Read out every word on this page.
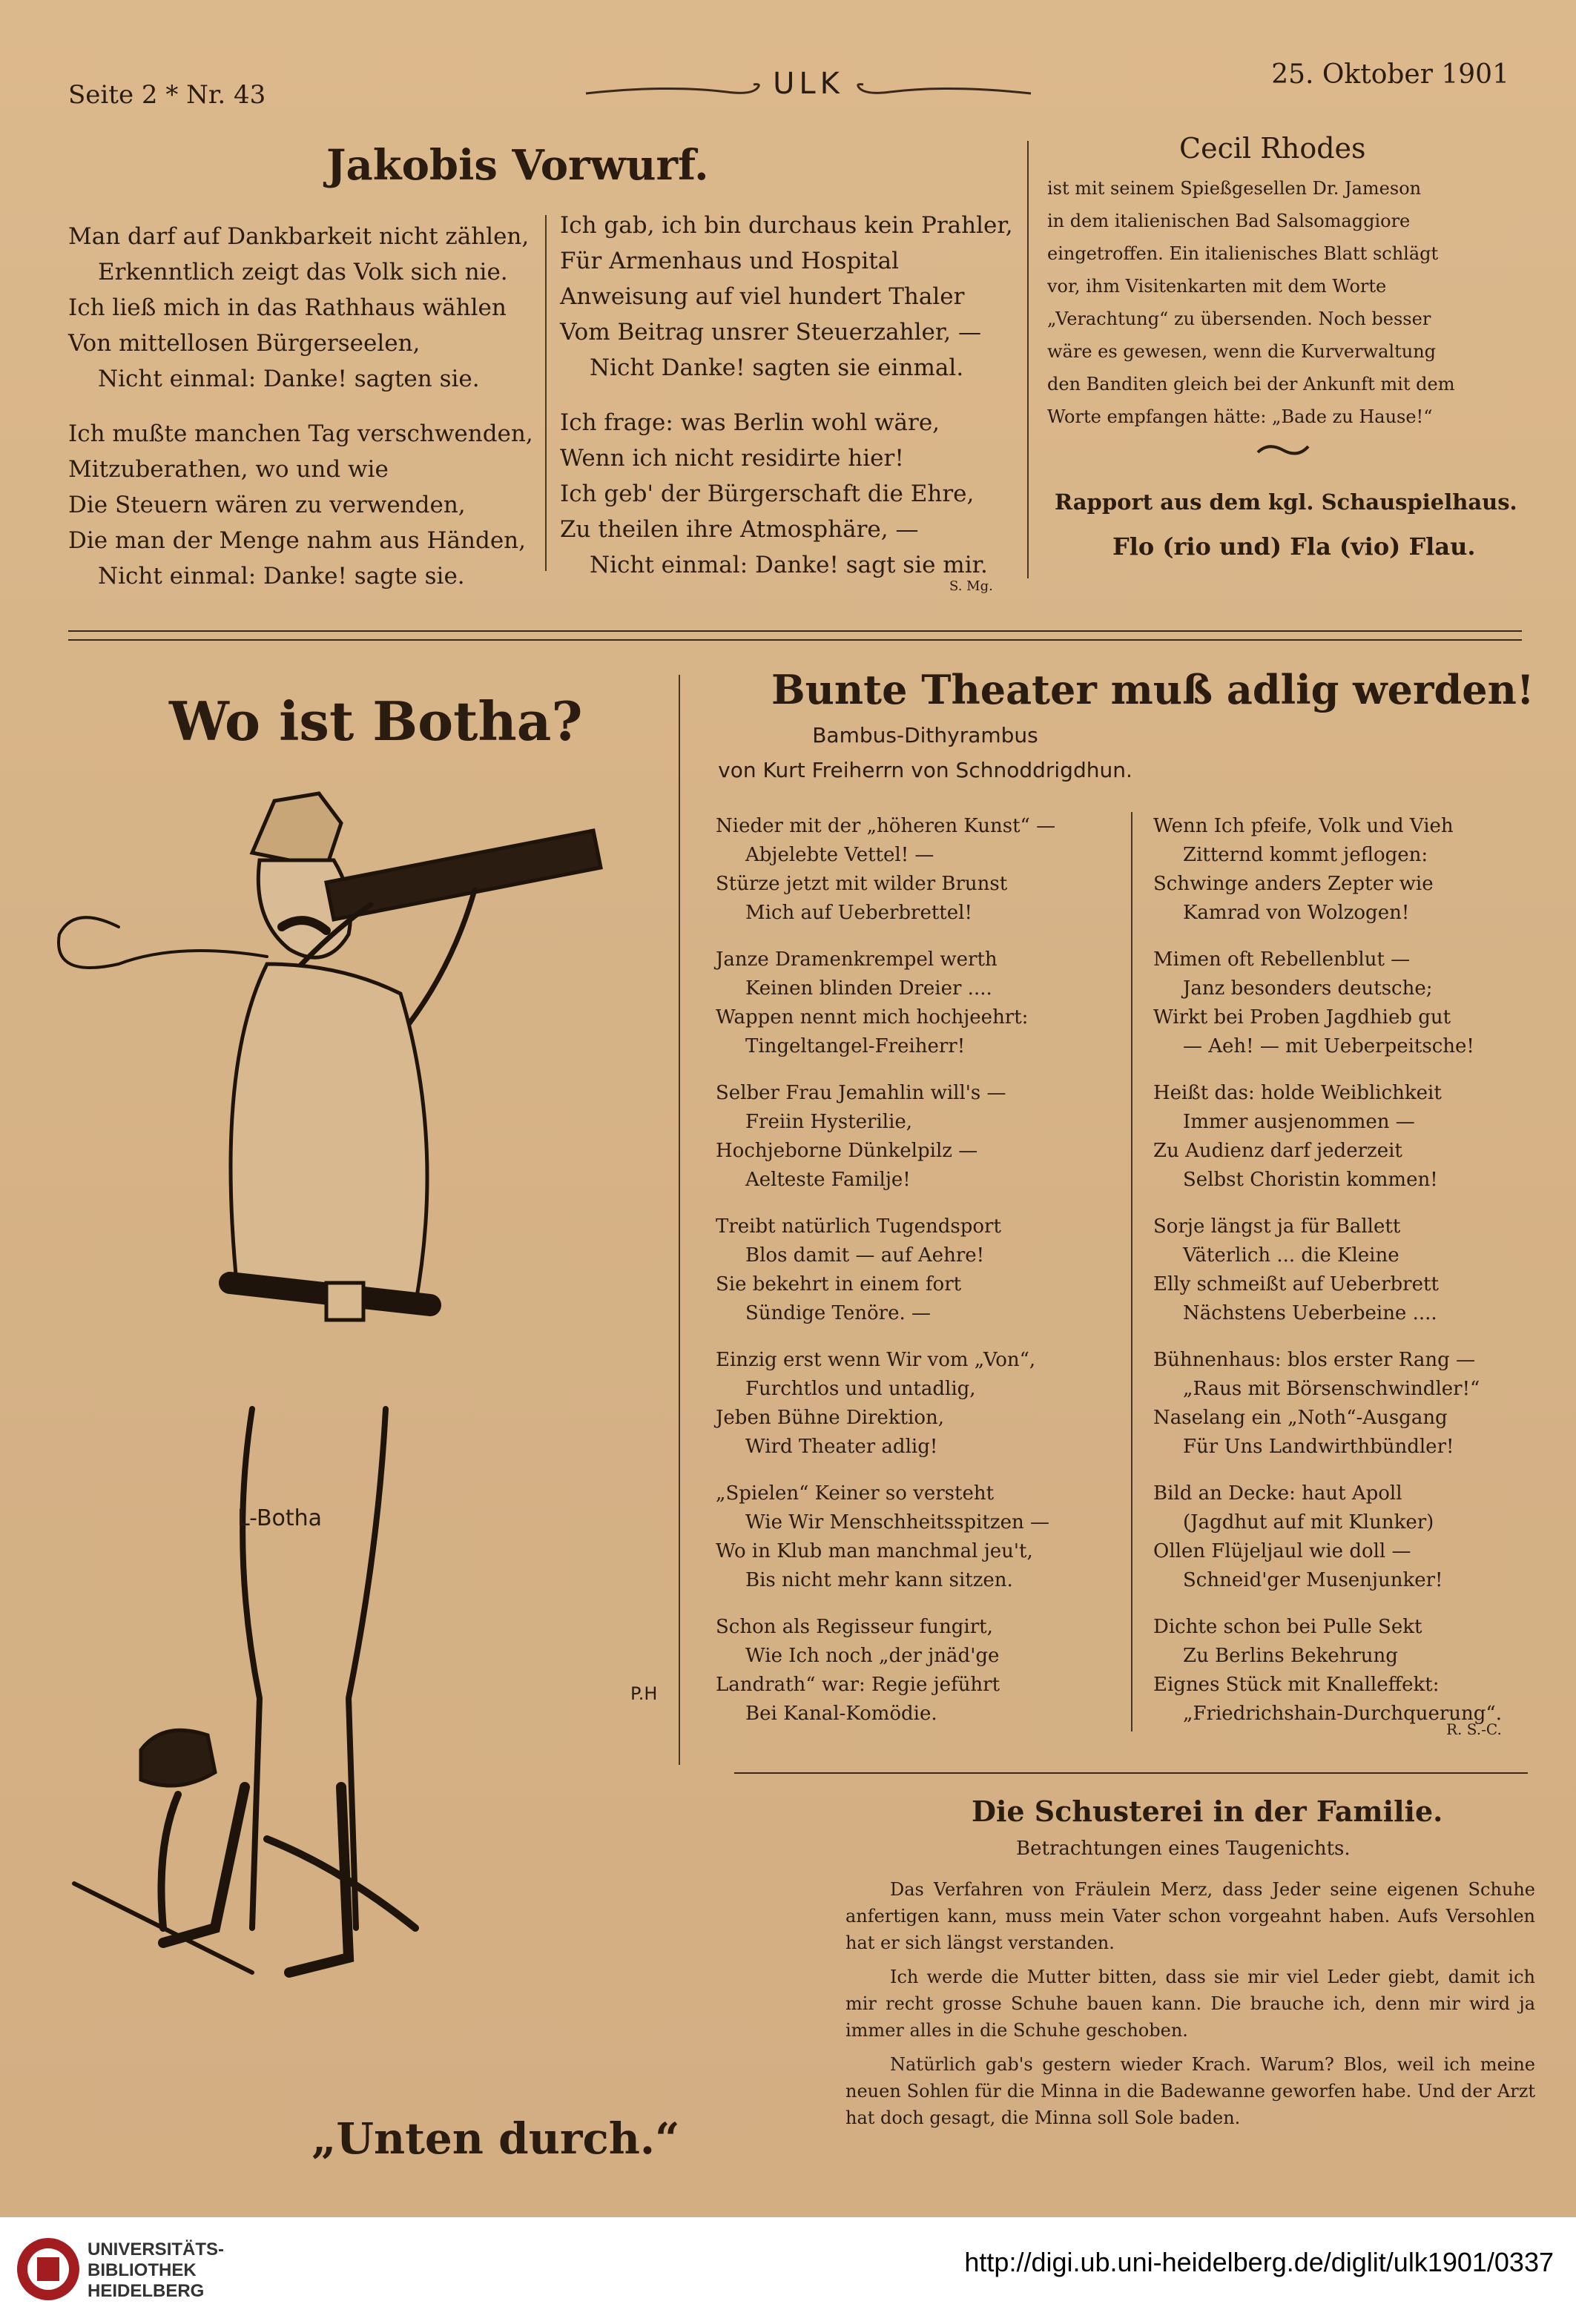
Seite 2 * Nr. 43	ULK	25. Oktober 1901
Jakobis Vorwurf.
Man darf auf Dankbarkeit nicht zählen,
Erkenntlich zeigt das Volk sich nie.
Ich ließ mich in das Rathhaus wählen
Von mittellosen Bürgerseelen,
Nicht einmal: Danke! sagten sie.
Ich mußte manchen Tag verschwenden,
Mitzuberathen, wo und wie
Die Steuern wären zu verwenden,
Die man der Menge nahm aus Händen,
Nicht einmal: Danke! sagte sie.
Ich gab, ich bin durchaus kein Prahler,
Für Armenhaus und Hospital
Anweisung auf viel hundert Thaler
Vom Beitrag unsrer Steuerzahler, —
Nicht Danke! sagten sie einmal.
Ich frage: was Berlin wohl wäre,
Wenn ich nicht residirte hier!
Ich geb' der Bürgerschaft die Ehre,
Zu theilen ihre Atmosphäre, —
Nicht einmal: Danke! sagt sie mir.
S. Mg.
Cecil Rhodes
ist mit seinem Spießgesellen Dr. Jameson
in dem italienischen Bad Salsomaggiore
eingetroffen. Ein italienisches Blatt schlägt
vor, ihm Visitenkarten mit dem Worte
„Verachtung“ zu übersenden. Noch besser
wäre es gewesen, wenn die Kurverwaltung
den Banditen gleich bei der Ankunft mit dem
Worte empfangen hätte: „Bade zu Hause!“
Rapport aus dem kgl. Schauspielhaus.
Flo (rio und) Fla (vio) Flau.
Wo ist Botha?
L-Botha
P.H
„Unten durch.“
Bunte Theater muß adlig werden!
Bambus-Dithyrambus
von Kurt Freiherrn von Schnoddrigdhun.
Nieder mit der „höheren Kunst“ —
Abjelebte Vettel! —
Stürze jetzt mit wilder Brunst
Mich auf Ueberbrettel!
Janze Dramenkrempel werth
Keinen blinden Dreier ....
Wappen nennt mich hochjeehrt:
Tingeltangel-Freiherr!
Selber Frau Jemahlin will's —
Freiin Hysterilie,
Hochjeborne Dünkelpilz —
Aelteste Familje!
Treibt natürlich Tugendsport
Blos damit — auf Aehre!
Sie bekehrt in einem fort
Sündige Tenöre. —
Einzig erst wenn Wir vom „Von“,
Furchtlos und untadlig,
Jeben Bühne Direktion,
Wird Theater adlig!
„Spielen“ Keiner so versteht
Wie Wir Menschheitsspitzen —
Wo in Klub man manchmal jeu't,
Bis nicht mehr kann sitzen.
Schon als Regisseur fungirt,
Wie Ich noch „der jnäd'ge
Landrath“ war: Regie jeführt
Bei Kanal-Komödie.
Wenn Ich pfeife, Volk und Vieh
Zitternd kommt jeflogen:
Schwinge anders Zepter wie
Kamrad von Wolzogen!
Mimen oft Rebellenblut —
Janz besonders deutsche;
Wirkt bei Proben Jagdhieb gut
— Aeh! — mit Ueberpeitsche!
Heißt das: holde Weiblichkeit
Immer ausjenommen —
Zu Audienz darf jederzeit
Selbst Choristin kommen!
Sorje längst ja für Ballett
Väterlich ... die Kleine
Elly schmeißt auf Ueberbrett
Nächstens Ueberbeine ....
Bühnenhaus: blos erster Rang —
„Raus mit Börsenschwindler!“
Naselang ein „Noth“-Ausgang
Für Uns Landwirthbündler!
Bild an Decke: haut Apoll
(Jagdhut auf mit Klunker)
Ollen Flüjeljaul wie doll —
Schneid'ger Musenjunker!
Dichte schon bei Pulle Sekt
Zu Berlins Bekehrung
Eignes Stück mit Knalleffekt:
„Friedrichshain-Durchquerung“.
R. S.-C.
Die Schusterei in der Familie.
Betrachtungen eines Taugenichts.

Das Verfahren von Fräulein Merz, dass Jeder seine eigenen Schuhe anfertigen kann, muss mein Vater schon vorgeahnt haben. Aufs Versohlen hat er sich längst verstanden.

Ich werde die Mutter bitten, dass sie mir viel Leder giebt, damit ich mir recht grosse Schuhe bauen kann. Die brauche ich, denn mir wird ja immer alles in die Schuhe geschoben.

Natürlich gab's gestern wieder Krach. Warum? Blos, weil ich meine neuen Sohlen für die Minna in die Badewanne geworfen habe. Und der Arzt hat doch gesagt, die Minna soll Sole baden.

UNIVERSITÄTS-
BIBLIOTHEK
HEIDELBERG
http://digi.ub.uni-heidelberg.de/diglit/ulk1901/0337
